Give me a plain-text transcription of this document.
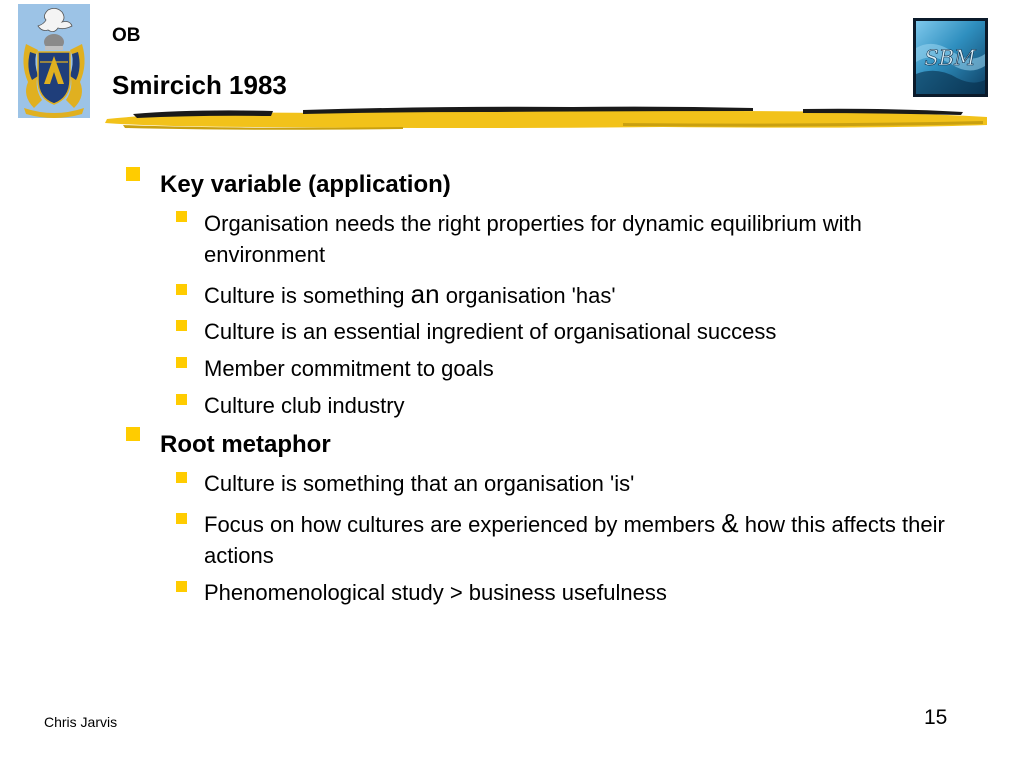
OB
Smircich 1983
SBM
Key variable (application)
Organisation needs the right properties for dynamic equilibrium with environment
Culture is something an organisation 'has'
Culture is an essential ingredient of organisational success
Member commitment to goals
Culture club industry
Root metaphor
Culture is something that an organisation 'is'
Focus on how cultures are experienced by members & how this affects their actions
Phenomenological study > business usefulness
Chris Jarvis	15
